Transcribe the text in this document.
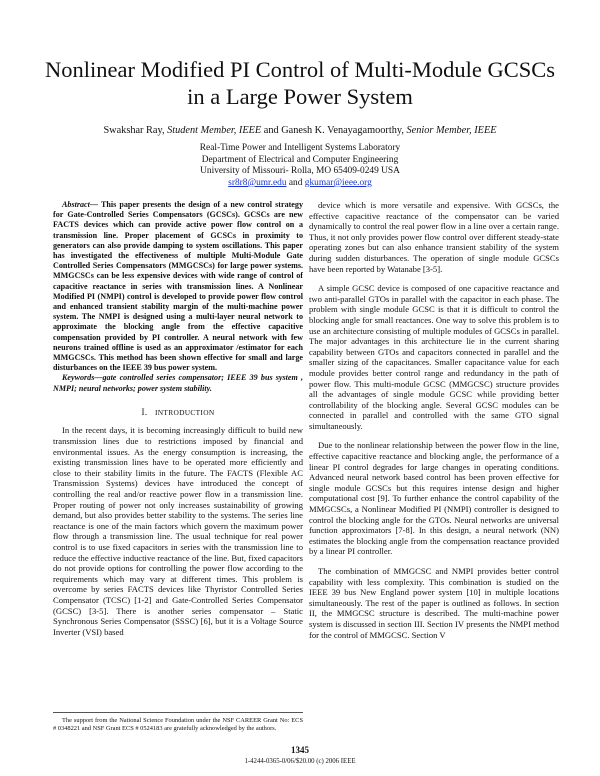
Nonlinear Modified PI Control of Multi-Module GCSCs in a Large Power System
Swakshar Ray, Student Member, IEEE and Ganesh K. Venayagamoorthy, Senior Member, IEEE
Real-Time Power and Intelligent Systems Laboratory
Department of Electrical and Computer Engineering
University of Missouri- Rolla, MO 65409-0249 USA
sr8r8@umr.edu and gkumar@ieee.org

Abstract— This paper presents the design of a new control strategy for Gate-Controlled Series Compensators (GCSCs). GCSCs are new FACTS devices which can provide active power flow control on a transmission line. Proper placement of GCSCs in proximity to generators can also provide damping to system oscillations. This paper has investigated the effectiveness of multiple Multi-Module Gate Controlled Series Compensators (MMGCSCs) for large power systems. MMGCSCs can be less expensive devices with wide range of control of capacitive reactance in series with transmission lines. A Nonlinear Modified PI (NMPI) control is developed to provide power flow control and enhanced transient stability margin of the multi-machine power system. The NMPI is designed using a multi-layer neural network to approximate the blocking angle from the effective capacitive compensation provided by PI controller. A neural network with few neurons trained offline is used as an approximator /estimator for each MMGCSCs. This method has been shown effective for small and large disturbances on the IEEE 39 bus power system.

Keywords—gate controlled series compensator; IEEE 39 bus system , NMPI; neural networks; power system stability.

I. INTRODUCTION

In the recent days, it is becoming increasingly difficult to build new transmission lines due to restrictions imposed by financial and environmental issues. As the energy consumption is increasing, the existing transmission lines have to be operated more efficiently and close to their stability limits in the future. The FACTS (Flexible AC Transmission Systems) devices have introduced the concept of controlling the real and/or reactive power flow in a transmission line. Proper routing of power not only increases sustainability of growing demand, but also provides better stability to the systems. The series line reactance is one of the main factors which govern the maximum power flow through a transmission line. The usual technique for real power control is to use fixed capacitors in series with the transmission line to reduce the effective inductive reactance of the line. But, fixed capacitors do not provide options for controlling the power flow according to the requirements which may vary at different times. This problem is overcome by series FACTS devices like Thyristor Controlled Series Compensator (TCSC) [1-2] and Gate-Controlled Series Compensator (GCSC) [3-5]. There is another series compensator – Static Synchronous Series Compensator (SSSC) [6], but it is a Voltage Source Inverter (VSI) based

device which is more versatile and expensive. With GCSCs, the effective capacitive reactance of the compensator can be varied dynamically to control the real power flow in a line over a certain range. Thus, it not only provides power flow control over different steady-state operating zones but can also enhance transient stability of the system during sudden disturbances. The operation of single module GCSCs have been reported by Watanabe [3-5].

A simple GCSC device is composed of one capacitive reactance and two anti-parallel GTOs in parallel with the capacitor in each phase. The problem with single module GCSC is that it is difficult to control the blocking angle for small reactances. One way to solve this problem is to use an architecture consisting of multiple modules of GCSCs in parallel. The major advantages in this architecture lie in the current sharing capability between GTOs and capacitors connected in parallel and the smaller sizing of the capacitances. Smaller capacitance value for each module provides better control range and redundancy in the path of power flow. This multi-module GCSC (MMGCSC) structure provides all the advantages of single module GCSC while providing better controllability of the blocking angle. Several GCSC modules can be connected in parallel and controlled with the same GTO signal simultaneously.

Due to the nonlinear relationship between the power flow in the line, effective capacitive reactance and blocking angle, the performance of a linear PI control degrades for large changes in operating conditions. Advanced neural network based control has been proven effective for single module GCSCs but this requires intense design and higher computational cost [9]. To further enhance the control capability of the MMGCSCs, a Nonlinear Modified PI (NMPI) controller is designed to control the blocking angle for the GTOs. Neural networks are universal function approximators [7-8]. In this design, a neural network (NN) estimates the blocking angle from the compensation reactance provided by a linear PI controller.

The combination of MMGCSC and NMPI provides better control capability with less complexity. This combination is studied on the IEEE 39 bus New England power system [10] in multiple locations simultaneously. The rest of the paper is outlined as follows. In section II, the MMGCSC structure is described. The multi-machine power system is discussed in section III. Section IV presents the NMPI method for the control of MMGCSC. Section V

The support from the National Science Foundation under the NSF CAREER Grant No: ECS # 0348221 and NSF Grant ECS # 0524183 are gratefully acknowledged by the authors.
1345
1-4244-0365-0/06/$20.00 (c) 2006 IEEE
